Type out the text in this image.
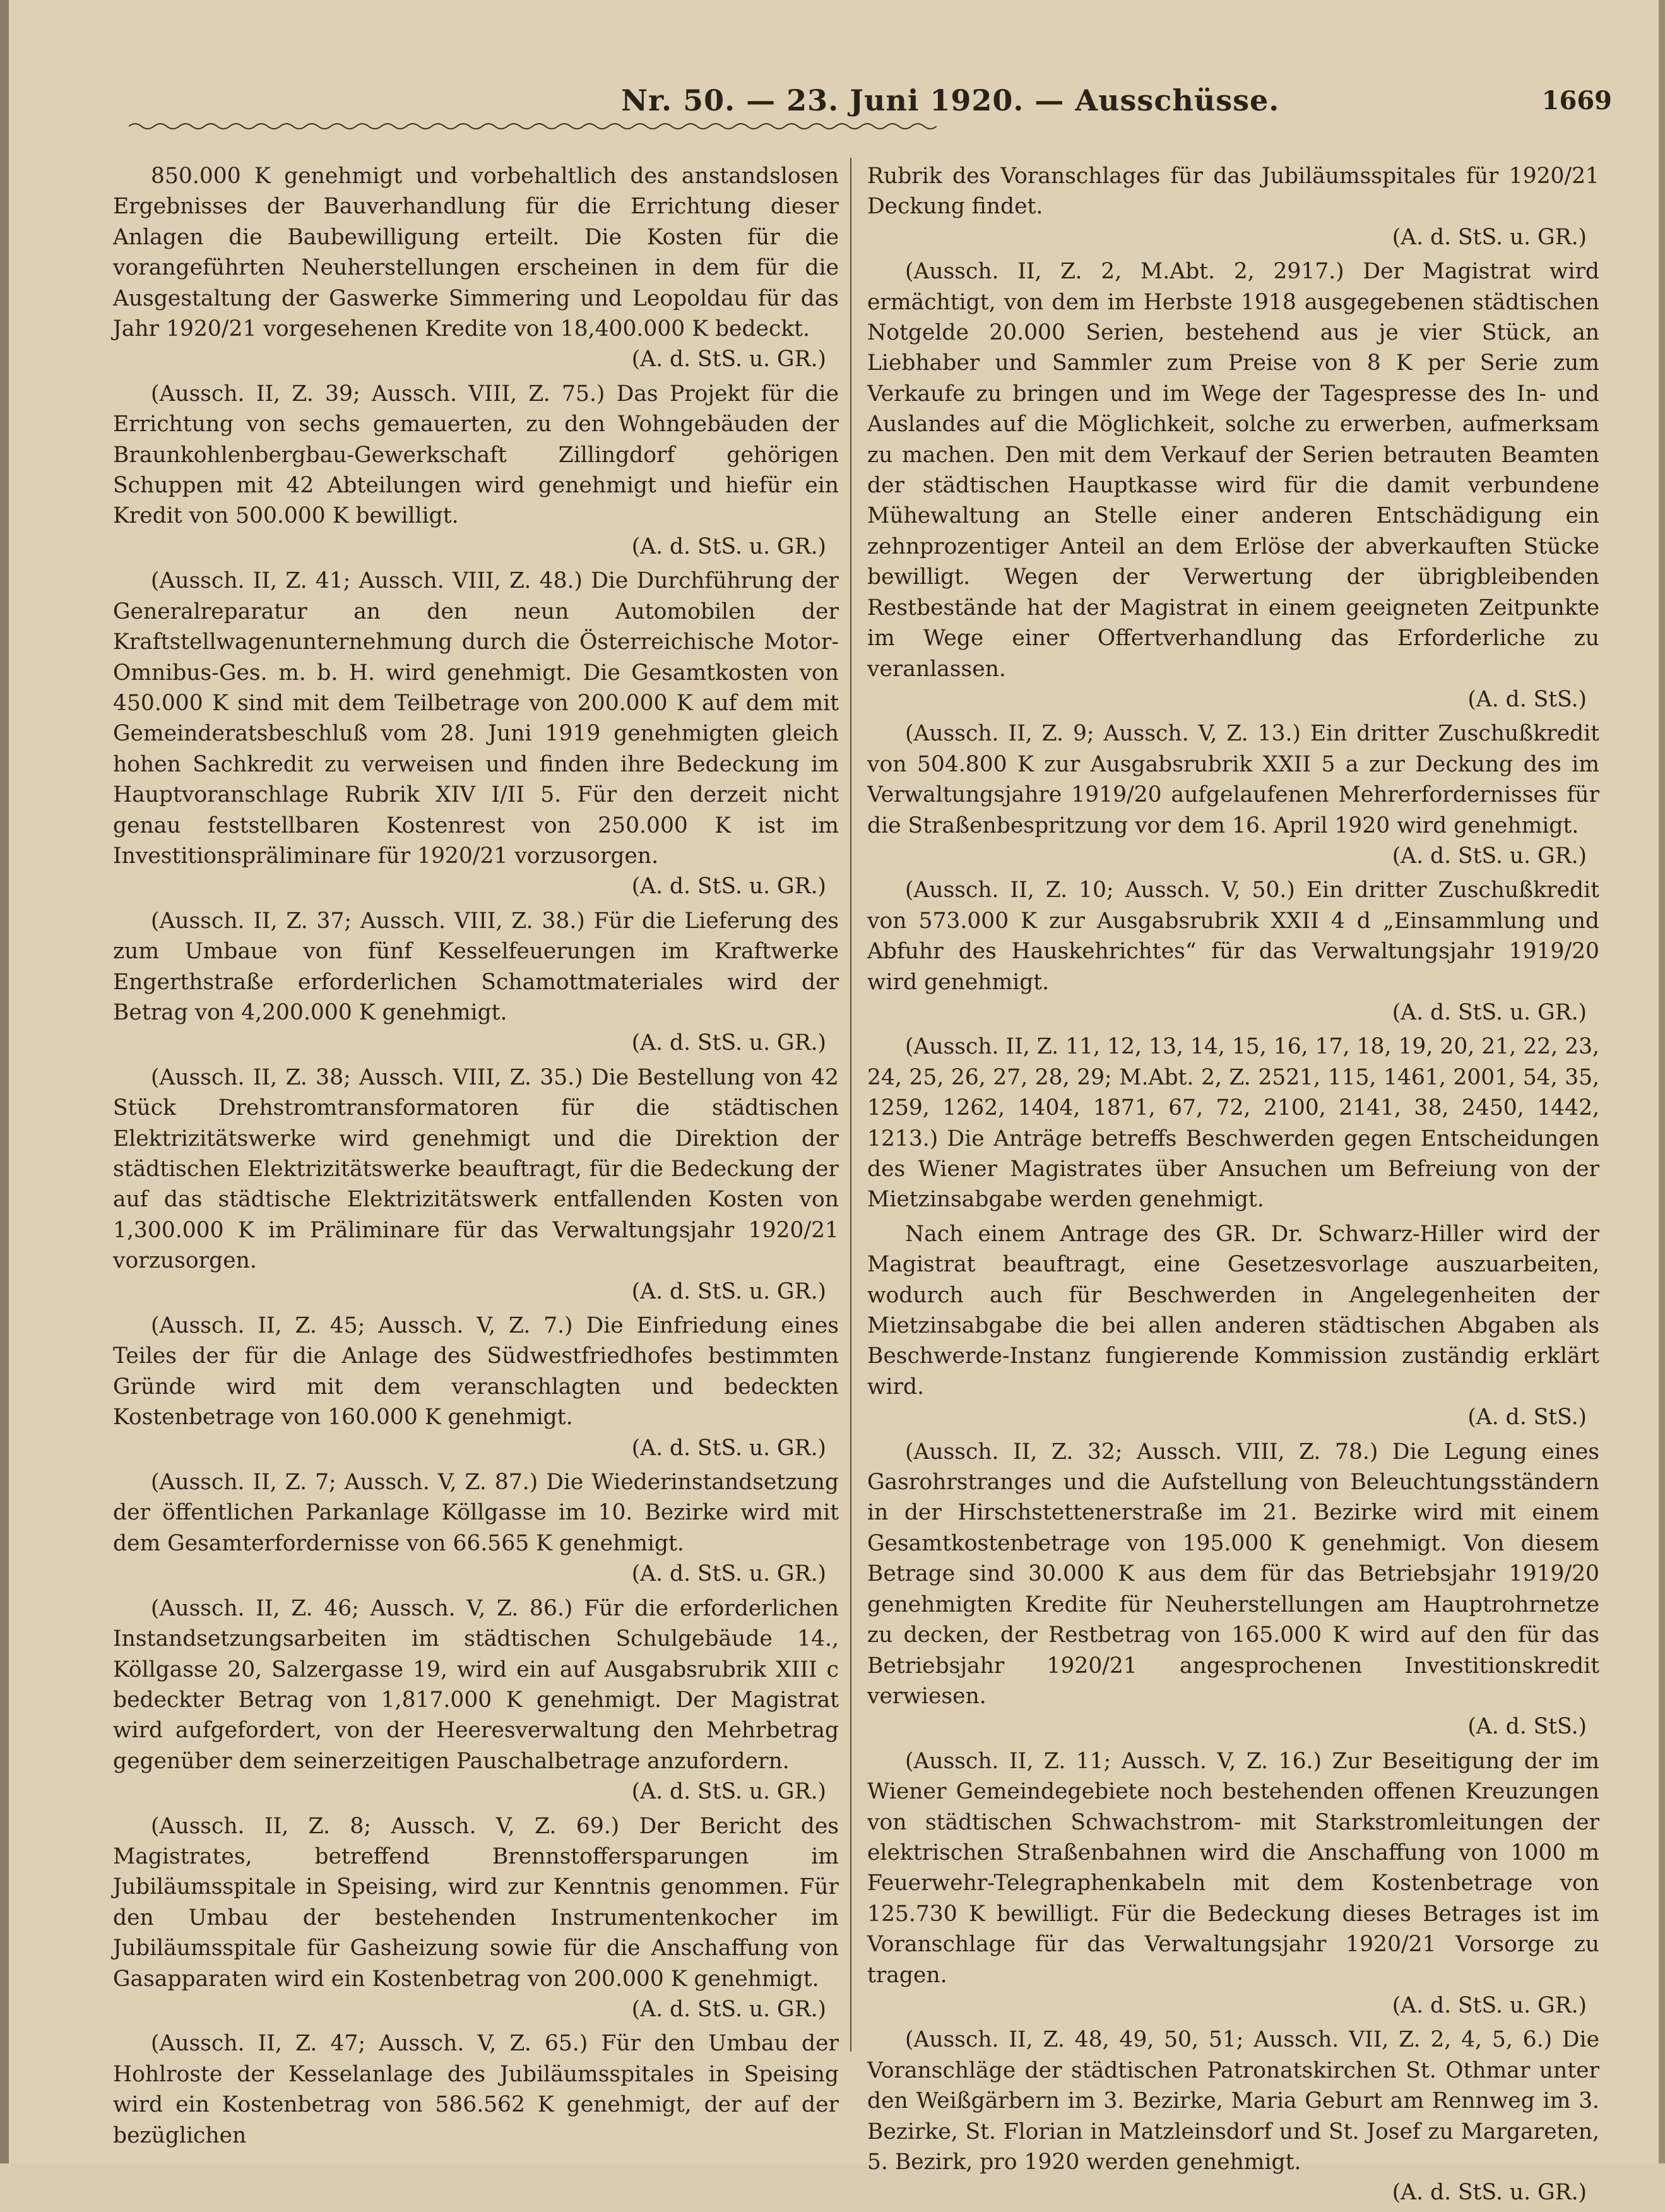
Nr. 50. — 23. Juni 1920. — Ausschüsse.	1669

850.000 K genehmigt und vorbehaltlich des anstandslosen Ergebnisses der Bauverhandlung für die Errichtung dieser Anlagen die Baubewilligung erteilt. Die Kosten für die vorangeführten Neuherstellungen erscheinen in dem für die Ausgestaltung der Gaswerke Simmering und Leopoldau für das Jahr 1920/21 vorgesehenen Kredite von 18,400.000 K bedeckt.
(A. d. StS. u. GR.)

(Aussch. II, Z. 39; Aussch. VIII, Z. 75.) Das Projekt für die Errichtung von sechs gemauerten, zu den Wohngebäuden der Braunkohlenbergbau-Gewerkschaft Zillingdorf gehörigen Schuppen mit 42 Abteilungen wird genehmigt und hiefür ein Kredit von 500.000 K bewilligt.
(A. d. StS. u. GR.)

(Aussch. II, Z. 41; Aussch. VIII, Z. 48.) Die Durchführung der Generalreparatur an den neun Automobilen der Kraftstellwagenunternehmung durch die Österreichische Motor-Omnibus-Ges. m. b. H. wird genehmigt. Die Gesamtkosten von 450.000 K sind mit dem Teilbetrage von 200.000 K auf dem mit Gemeinderatsbeschluß vom 28. Juni 1919 genehmigten gleich hohen Sachkredit zu verweisen und finden ihre Bedeckung im Hauptvoranschlage Rubrik XIV I/II 5. Für den derzeit nicht genau feststellbaren Kostenrest von 250.000 K ist im Investitionspräliminare für 1920/21 vorzusorgen.
(A. d. StS. u. GR.)

(Aussch. II, Z. 37; Aussch. VIII, Z. 38.) Für die Lieferung des zum Umbaue von fünf Kesselfeuerungen im Kraftwerke Engerthstraße erforderlichen Schamottmateriales wird der Betrag von 4,200.000 K genehmigt.
(A. d. StS. u. GR.)

(Aussch. II, Z. 38; Aussch. VIII, Z. 35.) Die Bestellung von 42 Stück Drehstromtransformatoren für die städtischen Elektrizitätswerke wird genehmigt und die Direktion der städtischen Elektrizitätswerke beauftragt, für die Bedeckung der auf das städtische Elektrizitätswerk entfallenden Kosten von 1,300.000 K im Präliminare für das Verwaltungsjahr 1920/21 vorzusorgen.
(A. d. StS. u. GR.)

(Aussch. II, Z. 45; Aussch. V, Z. 7.) Die Einfriedung eines Teiles der für die Anlage des Südwestfriedhofes bestimmten Gründe wird mit dem veranschlagten und bedeckten Kostenbetrage von 160.000 K genehmigt.
(A. d. StS. u. GR.)

(Aussch. II, Z. 7; Aussch. V, Z. 87.) Die Wiederinstandsetzung der öffentlichen Parkanlage Köllgasse im 10. Bezirke wird mit dem Gesamterfordernisse von 66.565 K genehmigt.
(A. d. StS. u. GR.)

(Aussch. II, Z. 46; Aussch. V, Z. 86.) Für die erforderlichen Instandsetzungsarbeiten im städtischen Schulgebäude 14., Köllgasse 20, Salzergasse 19, wird ein auf Ausgabsrubrik XIII c bedeckter Betrag von 1,817.000 K genehmigt. Der Magistrat wird aufgefordert, von der Heeresverwaltung den Mehrbetrag gegenüber dem seinerzeitigen Pauschalbetrage anzufordern.
(A. d. StS. u. GR.)

(Aussch. II, Z. 8; Aussch. V, Z. 69.) Der Bericht des Magistrates, betreffend Brennstoffersparungen im Jubiläumsspitale in Speising, wird zur Kenntnis genommen. Für den Umbau der bestehenden Instrumentenkocher im Jubiläumsspitale für Gasheizung sowie für die Anschaffung von Gasapparaten wird ein Kostenbetrag von 200.000 K genehmigt.
(A. d. StS. u. GR.)

(Aussch. II, Z. 47; Aussch. V, Z. 65.) Für den Umbau der Hohlroste der Kesselanlage des Jubiläumsspitales in Speising wird ein Kostenbetrag von 586.562 K genehmigt, der auf der bezüglichen

Rubrik des Voranschlages für das Jubiläumsspitales für 1920/21 Deckung findet.
(A. d. StS. u. GR.)

(Aussch. II, Z. 2, M.Abt. 2, 2917.) Der Magistrat wird ermächtigt, von dem im Herbste 1918 ausgegebenen städtischen Notgelde 20.000 Serien, bestehend aus je vier Stück, an Liebhaber und Sammler zum Preise von 8 K per Serie zum Verkaufe zu bringen und im Wege der Tagespresse des In- und Auslandes auf die Möglichkeit, solche zu erwerben, aufmerksam zu machen. Den mit dem Verkauf der Serien betrauten Beamten der städtischen Hauptkasse wird für die damit verbundene Mühewaltung an Stelle einer anderen Entschädigung ein zehnprozentiger Anteil an dem Erlöse der abverkauften Stücke bewilligt. Wegen der Verwertung der übrigbleibenden Restbestände hat der Magistrat in einem geeigneten Zeitpunkte im Wege einer Offertverhandlung das Erforderliche zu veranlassen.
(A. d. StS.)

(Aussch. II, Z. 9; Aussch. V, Z. 13.) Ein dritter Zuschußkredit von 504.800 K zur Ausgabsrubrik XXII 5 a zur Deckung des im Verwaltungsjahre 1919/20 aufgelaufenen Mehrerfordernisses für die Straßenbespritzung vor dem 16. April 1920 wird genehmigt.
(A. d. StS. u. GR.)

(Aussch. II, Z. 10; Aussch. V, 50.) Ein dritter Zuschußkredit von 573.000 K zur Ausgabsrubrik XXII 4 d „Einsammlung und Abfuhr des Hauskehrichtes“ für das Verwaltungsjahr 1919/20 wird genehmigt.
(A. d. StS. u. GR.)

(Aussch. II, Z. 11, 12, 13, 14, 15, 16, 17, 18, 19, 20, 21, 22, 23, 24, 25, 26, 27, 28, 29; M.Abt. 2, Z. 2521, 115, 1461, 2001, 54, 35, 1259, 1262, 1404, 1871, 67, 72, 2100, 2141, 38, 2450, 1442, 1213.) Die Anträge betreffs Beschwerden gegen Entscheidungen des Wiener Magistrates über Ansuchen um Befreiung von der Mietzinsabgabe werden genehmigt.

Nach einem Antrage des GR. Dr. Schwarz-Hiller wird der Magistrat beauftragt, eine Gesetzesvorlage auszuarbeiten, wodurch auch für Beschwerden in Angelegenheiten der Mietzinsabgabe die bei allen anderen städtischen Abgaben als Beschwerde-Instanz fungierende Kommission zuständig erklärt wird.
(A. d. StS.)

(Aussch. II, Z. 32; Aussch. VIII, Z. 78.) Die Legung eines Gasrohrstranges und die Aufstellung von Beleuchtungsständern in der Hirschstettenerstraße im 21. Bezirke wird mit einem Gesamtkostenbetrage von 195.000 K genehmigt. Von diesem Betrage sind 30.000 K aus dem für das Betriebsjahr 1919/20 genehmigten Kredite für Neuherstellungen am Hauptrohrnetze zu decken, der Restbetrag von 165.000 K wird auf den für das Betriebsjahr 1920/21 angesprochenen Investitionskredit verwiesen.
(A. d. StS.)

(Aussch. II, Z. 11; Aussch. V, Z. 16.) Zur Beseitigung der im Wiener Gemeindegebiete noch bestehenden offenen Kreuzungen von städtischen Schwachstrom- mit Starkstromleitungen der elektrischen Straßenbahnen wird die Anschaffung von 1000 m Feuerwehr-Telegraphenkabeln mit dem Kostenbetrage von 125.730 K bewilligt. Für die Bedeckung dieses Betrages ist im Voranschlage für das Verwaltungsjahr 1920/21 Vorsorge zu tragen.
(A. d. StS. u. GR.)

(Aussch. II, Z. 48, 49, 50, 51; Aussch. VII, Z. 2, 4, 5, 6.) Die Voranschläge der städtischen Patronatskirchen St. Othmar unter den Weißgärbern im 3. Bezirke, Maria Geburt am Rennweg im 3. Bezirke, St. Florian in Matzleinsdorf und St. Josef zu Margareten, 5. Bezirk, pro 1920 werden genehmigt.
(A. d. StS. u. GR.)
